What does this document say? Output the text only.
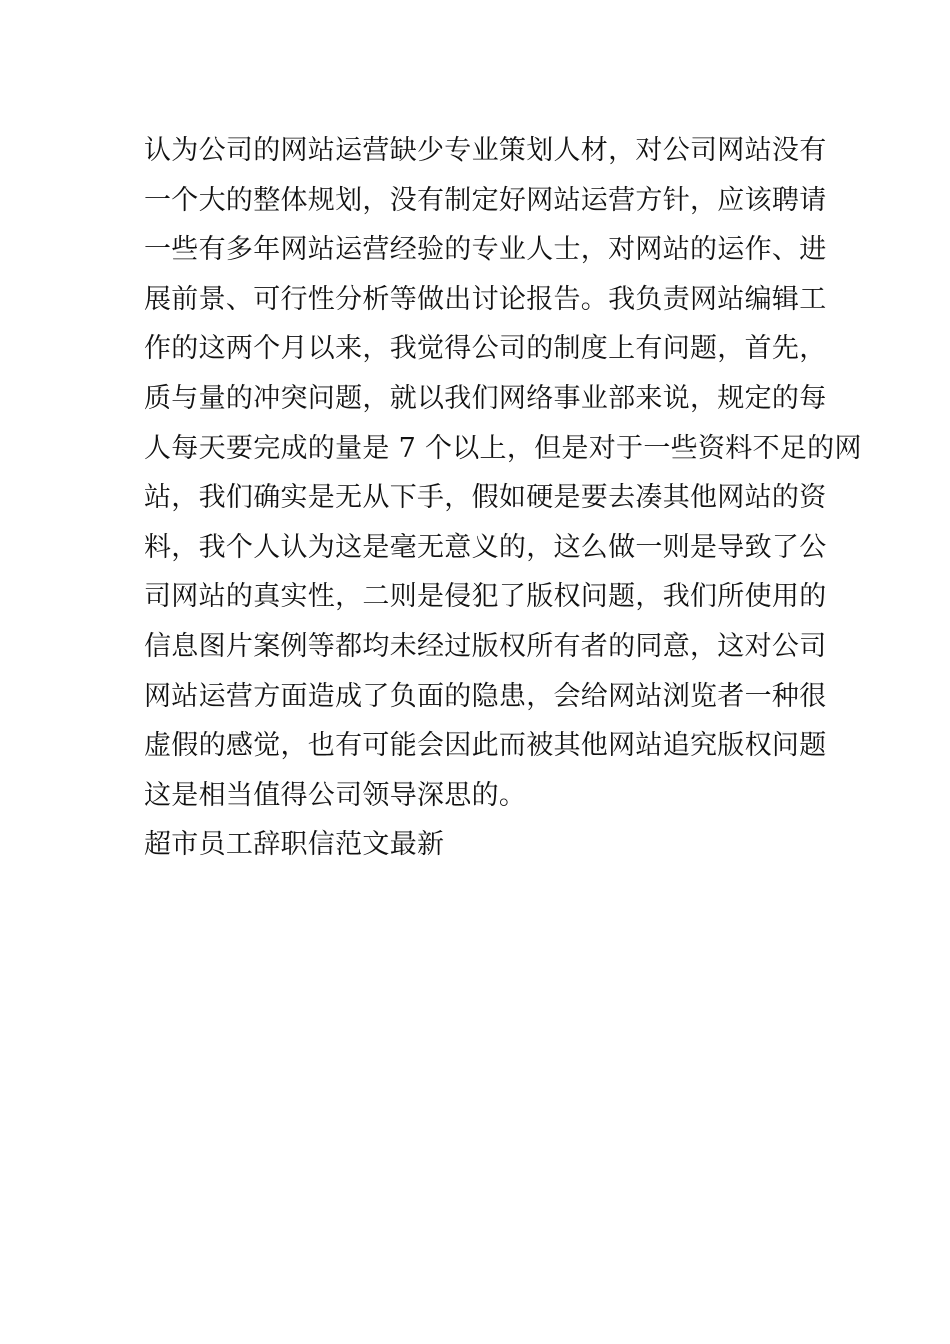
认为公司的网站运营缺少专业策划人材，对公司网站没有
一个大的整体规划，没有制定好网站运营方针，应该聘请
一些有多年网站运营经验的专业人士，对网站的运作、进
展前景、可行性分析等做出讨论报告。我负责网站编辑工
作的这两个月以来，我觉得公司的制度上有问题，首先，
质与量的冲突问题，就以我们网络事业部来说，规定的每
人每天要完成的量是 7 个以上，但是对于一些资料不足的网
站，我们确实是无从下手，假如硬是要去凑其他网站的资
料，我个人认为这是毫无意义的，这么做一则是导致了公
司网站的真实性，二则是侵犯了版权问题，我们所使用的
信息图片案例等都均未经过版权所有者的同意，这对公司
网站运营方面造成了负面的隐患，会给网站浏览者一种很
虚假的感觉，也有可能会因此而被其他网站追究版权问题
这是相当值得公司领导深思的。
超市员工辞职信范文最新
